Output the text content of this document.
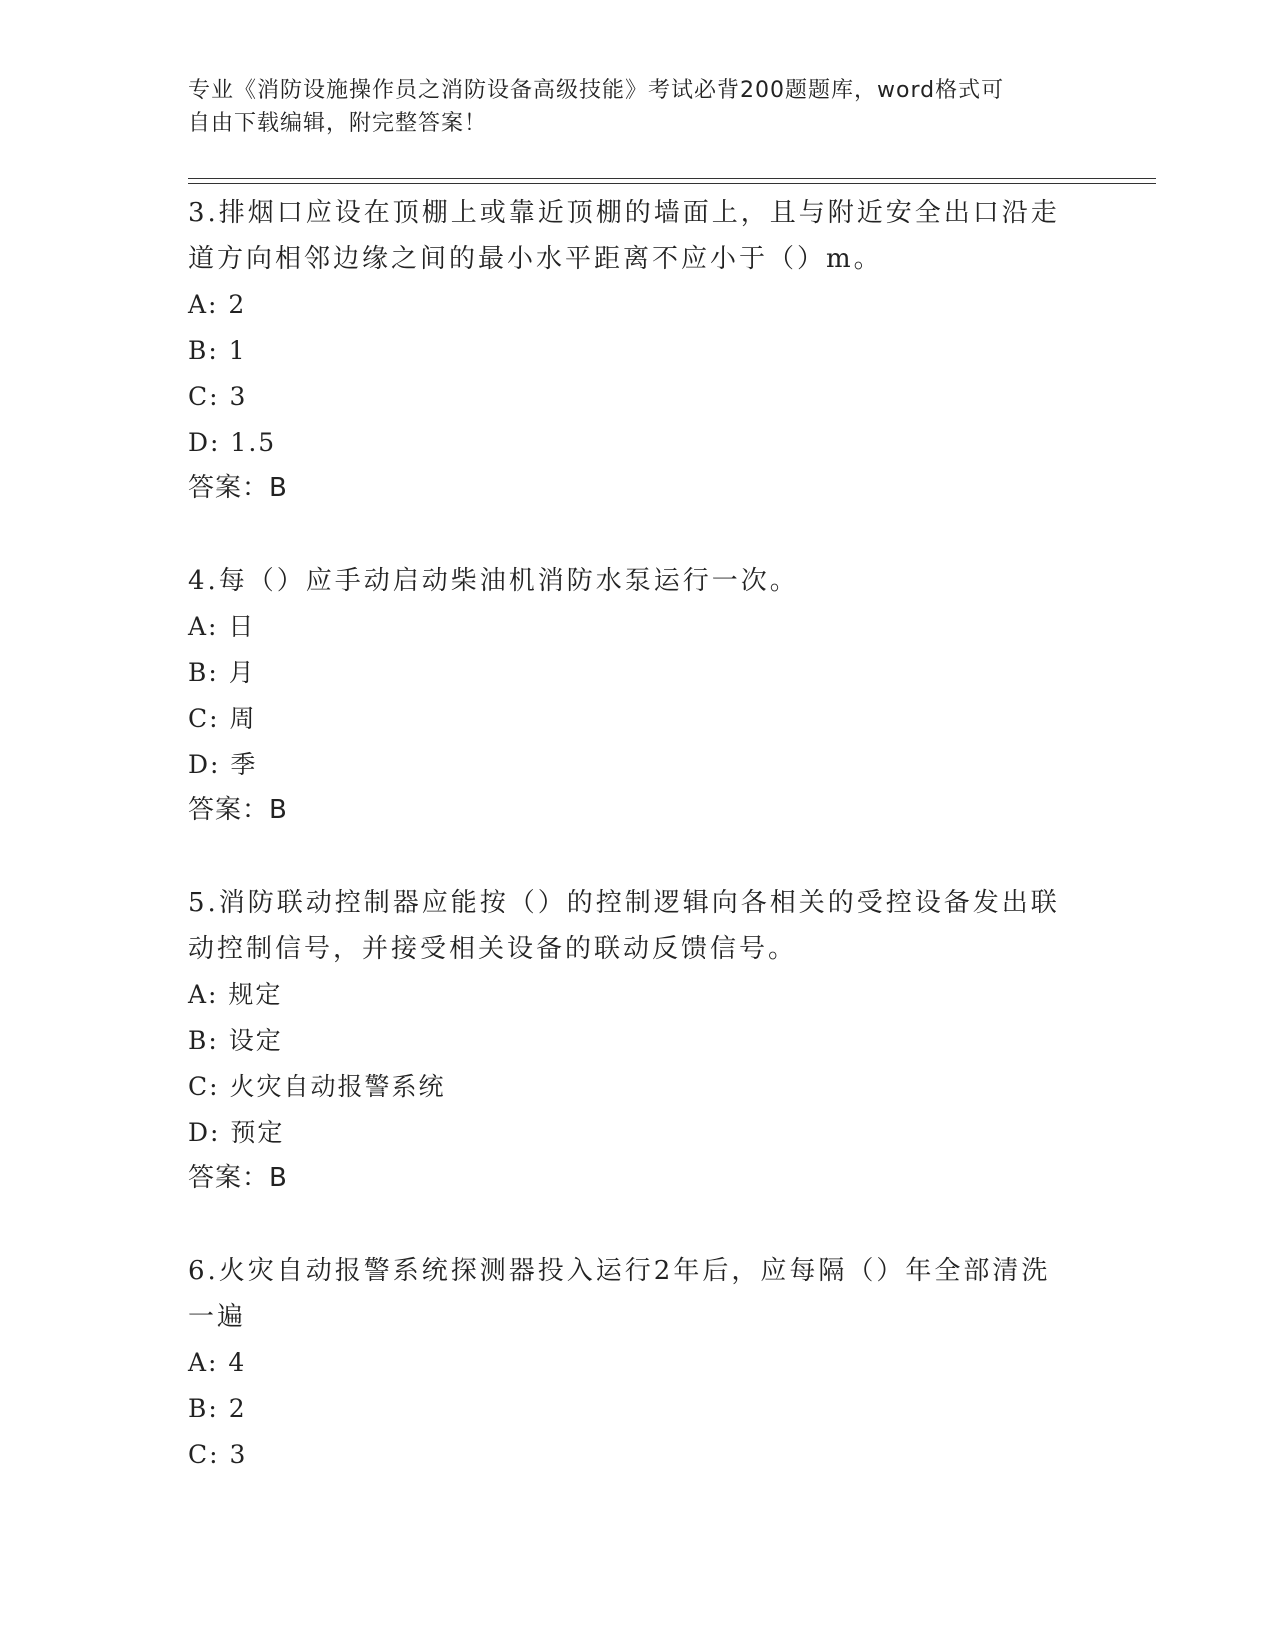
专业《消防设施操作员之消防设备高级技能》考试必背200题题库，word格式可
自由下载编辑，附完整答案！

3.排烟口应设在顶棚上或靠近顶棚的墙面上，且与附近安全出口沿走道方向相邻边缘之间的最小水平距离不应小于（）m。

A: 2
B: 1
C: 3
D: 1.5
答案：B

4.每（）应手动启动柴油机消防水泵运行一次。

A: 日
B: 月
C: 周
D: 季
答案：B

5.消防联动控制器应能按（）的控制逻辑向各相关的受控设备发出联动控制信号，并接受相关设备的联动反馈信号。

A: 规定
B: 设定
C: 火灾自动报警系统
D: 预定
答案：B

6.火灾自动报警系统探测器投入运行2年后，应每隔（）年全部清洗一遍

A: 4
B: 2
C: 3
